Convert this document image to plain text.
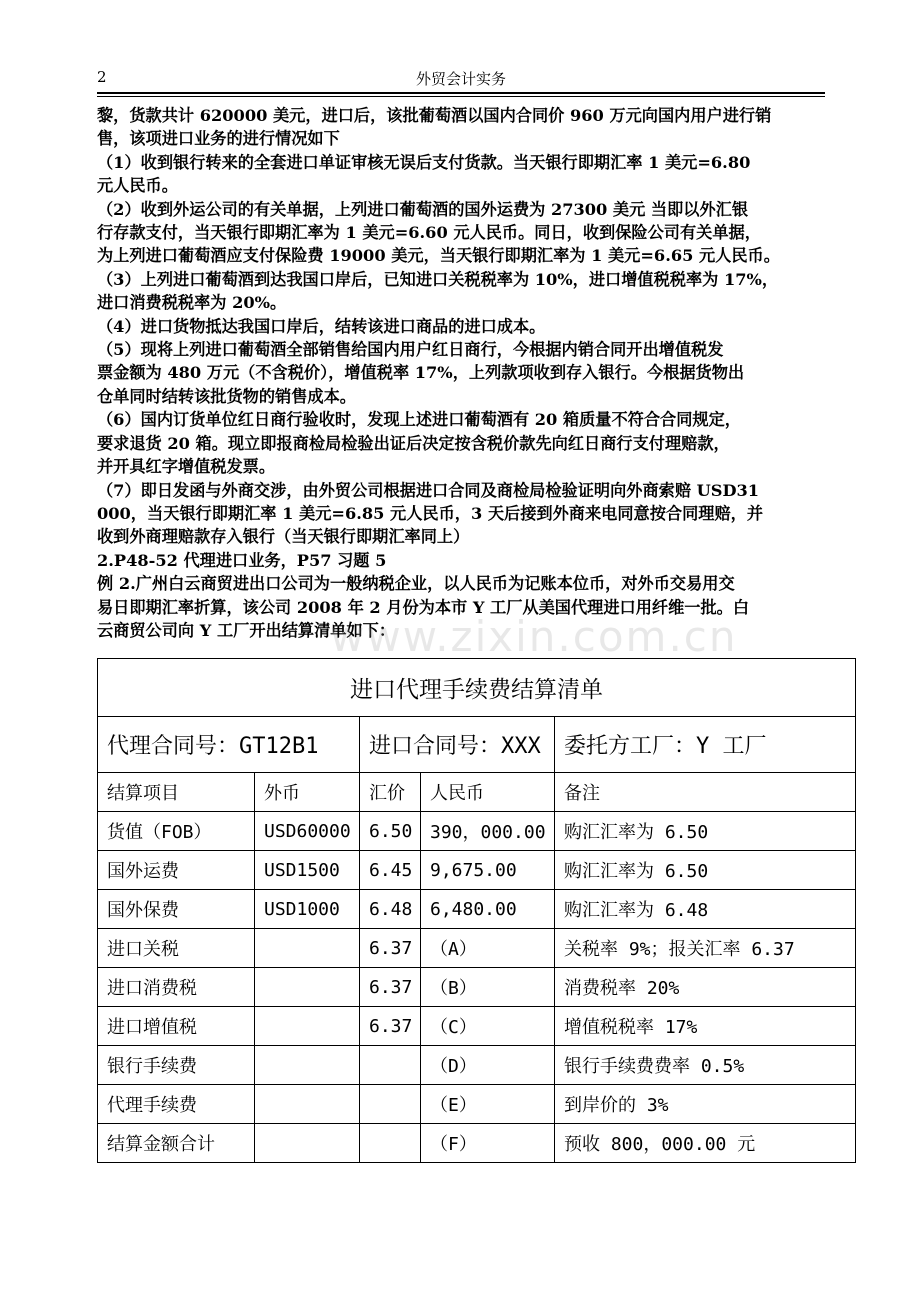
2	外贸会计实务

黎，货款共计 620000 美元，进口后，该批葡萄酒以国内合同价 960 万元向国内用户进行销

售，该项进口业务的进行情况如下

（1）收到银行转来的全套进口单证审核无误后支付货款。当天银行即期汇率 1 美元=6.80

元人民币。

（2）收到外运公司的有关单据，上列进口葡萄酒的国外运费为 27300 美元 当即以外汇银

行存款支付，当天银行即期汇率为 1 美元=6.60 元人民币。同日，收到保险公司有关单据，

为上列进口葡萄酒应支付保险费 19000 美元，当天银行即期汇率为 1 美元=6.65 元人民币。

（3）上列进口葡萄酒到达我国口岸后，已知进口关税税率为 10%，进口增值税税率为 17%，

进口消费税税率为 20%。

（4）进口货物抵达我国口岸后，结转该进口商品的进口成本。

（5）现将上列进口葡萄酒全部销售给国内用户红日商行，今根据内销合同开出增值税发

票金额为 480 万元（不含税价），增值税率 17%，上列款项收到存入银行。今根据货物出

仓单同时结转该批货物的销售成本。

（6）国内订货单位红日商行验收时，发现上述进口葡萄酒有 20 箱质量不符合合同规定，

要求退货 20 箱。现立即报商检局检验出证后决定按含税价款先向红日商行支付理赔款，

并开具红字增值税发票。

（7）即日发函与外商交涉，由外贸公司根据进口合同及商检局检验证明向外商索赔 USD31

000，当天银行即期汇率 1 美元=6.85 元人民币，3 天后接到外商来电同意按合同理赔，并

收到外商理赔款存入银行（当天银行即期汇率同上）

2.P48-52 代理进口业务，P57 习题 5

例 2.广州白云商贸进出口公司为一般纳税企业，以人民币为记账本位币，对外币交易用交

易日即期汇率折算，该公司 2008 年 2 月份为本市 Y 工厂从美国代理进口用纤维一批。白

云商贸公司向 Y 工厂开出结算清单如下：

www.zixin.com.cn
进口代理手续费结算清单				
代理合同号：GT12B1		进口合同号：XXX		委托方工厂：Y 工厂
结算项目	外币	汇价	人民币	备注
货值（FOB）	USD60000	6.50	390，000.00	购汇汇率为 6.50
国外运费	USD1500	6.45	9,675.00	购汇汇率为 6.50
国外保费	USD1000	6.48	6,480.00	购汇汇率为 6.48
进口关税		6.37	（A）	关税率 9%；报关汇率 6.37
进口消费税		6.37	（B）	消费税率 20%
进口增值税		6.37	（C）	增值税税率 17%
银行手续费			（D）	银行手续费费率 0.5%
代理手续费			（E）	到岸价的 3%
结算金额合计			（F）	预收 800，000.00 元
